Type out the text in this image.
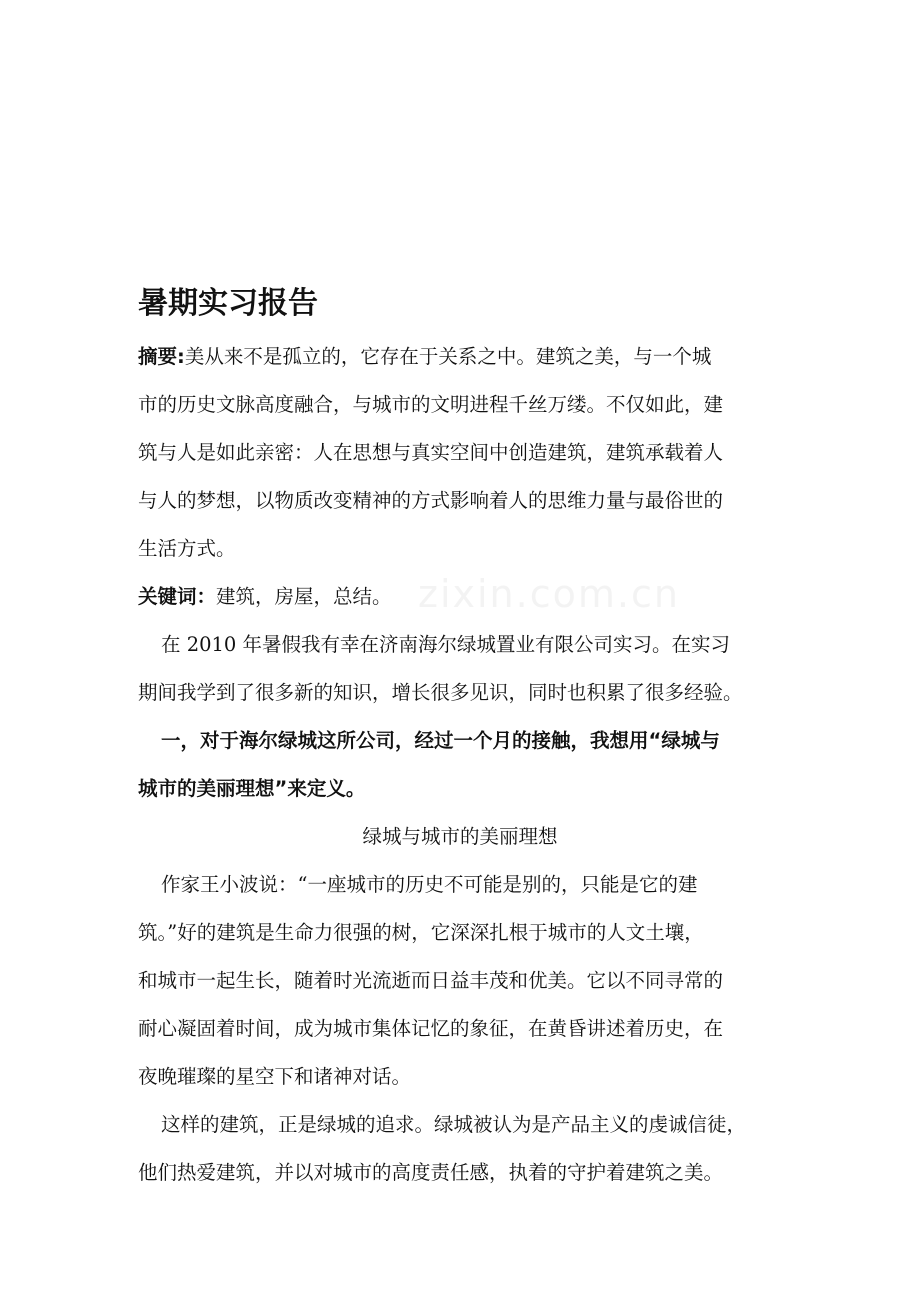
zixin.com.cn
暑期实习报告
摘要:美从来不是孤立的，它存在于关系之中。建筑之美，与一个城
市的历史文脉高度融合，与城市的文明进程千丝万缕。不仅如此，建
筑与人是如此亲密：人在思想与真实空间中创造建筑，建筑承载着人
与人的梦想，以物质改变精神的方式影响着人的思维力量与最俗世的
生活方式。
关键词：建筑，房屋，总结。
在 2010 年暑假我有幸在济南海尔绿城置业有限公司实习。在实习
期间我学到了很多新的知识，增长很多见识，同时也积累了很多经验。
一，对于海尔绿城这所公司，经过一个月的接触，我想用“绿城与
城市的美丽理想”来定义。
绿城与城市的美丽理想
作家王小波说：“一座城市的历史不可能是别的，只能是它的建
筑。”好的建筑是生命力很强的树，它深深扎根于城市的人文土壤，
和城市一起生长，随着时光流逝而日益丰茂和优美。它以不同寻常的
耐心凝固着时间，成为城市集体记忆的象征，在黄昏讲述着历史，在
夜晚璀璨的星空下和诸神对话。
这样的建筑，正是绿城的追求。绿城被认为是产品主义的虔诚信徒，
他们热爱建筑，并以对城市的高度责任感，执着的守护着建筑之美。
